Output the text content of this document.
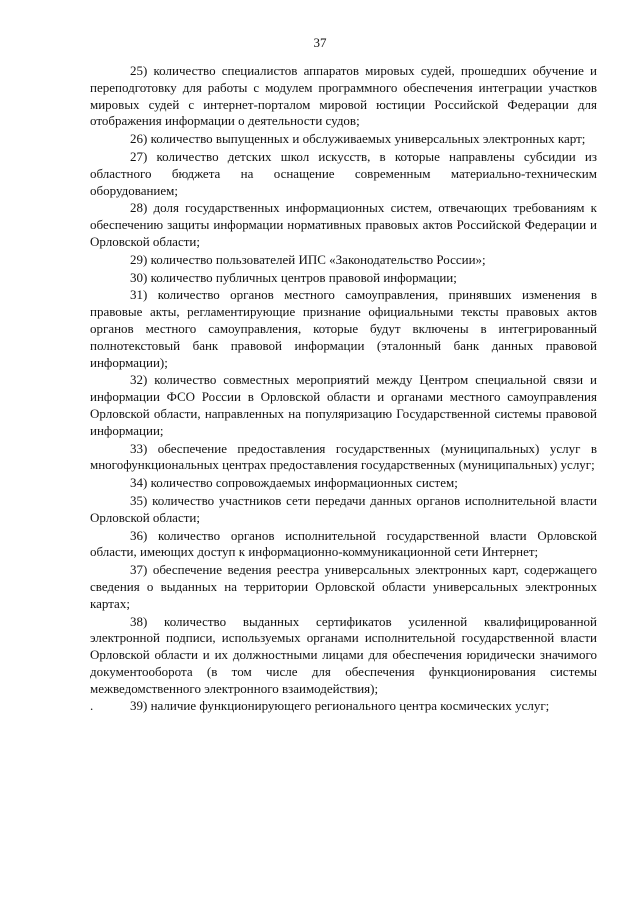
37

25) количество специалистов аппаратов мировых судей, прошедших обучение и переподготовку для работы с модулем программного обеспечения интеграции участков мировых судей с интернет-порталом мировой юстиции Российской Федерации для отображения информации о деятельности судов;

26) количество выпущенных и обслуживаемых универсальных электронных карт;

27) количество детских школ искусств, в которые направлены субсидии из областного бюджета на оснащение современным материально-техническим оборудованием;

28) доля государственных информационных систем, отвечающих требованиям к обеспечению защиты информации нормативных правовых актов Российской Федерации и Орловской области;

29) количество пользователей ИПС «Законодательство России»;

30) количество публичных центров правовой информации;

31) количество органов местного самоуправления, принявших изменения в правовые акты, регламентирующие признание официальными тексты правовых актов органов местного самоуправления, которые будут включены в интегрированный полнотекстовый банк правовой информации (эталонный банк данных правовой информации);

32) количество совместных мероприятий между Центром специальной связи и информации ФСО России в Орловской области и органами местного самоуправления Орловской области, направленных на популяризацию Государственной системы правовой информации;

33) обеспечение предоставления государственных (муниципальных) услуг в многофункциональных центрах предоставления государственных (муниципальных) услуг;

34) количество сопровождаемых информационных систем;

35) количество участников сети передачи данных органов исполнительной власти Орловской области;

36) количество органов исполнительной государственной власти Орловской области, имеющих доступ к информационно-коммуникационной сети Интернет;

37) обеспечение ведения реестра универсальных электронных карт, содержащего сведения о выданных на территории Орловской области универсальных электронных картах;

38) количество выданных сертификатов усиленной квалифицированной электронной подписи, используемых органами исполнительной государственной власти Орловской области и их должностными лицами для обеспечения юридически значимого документооборота (в том числе для обеспечения функционирования системы межведомственного электронного взаимодействия);

.	39) наличие функционирующего регионального центра космических услуг;
